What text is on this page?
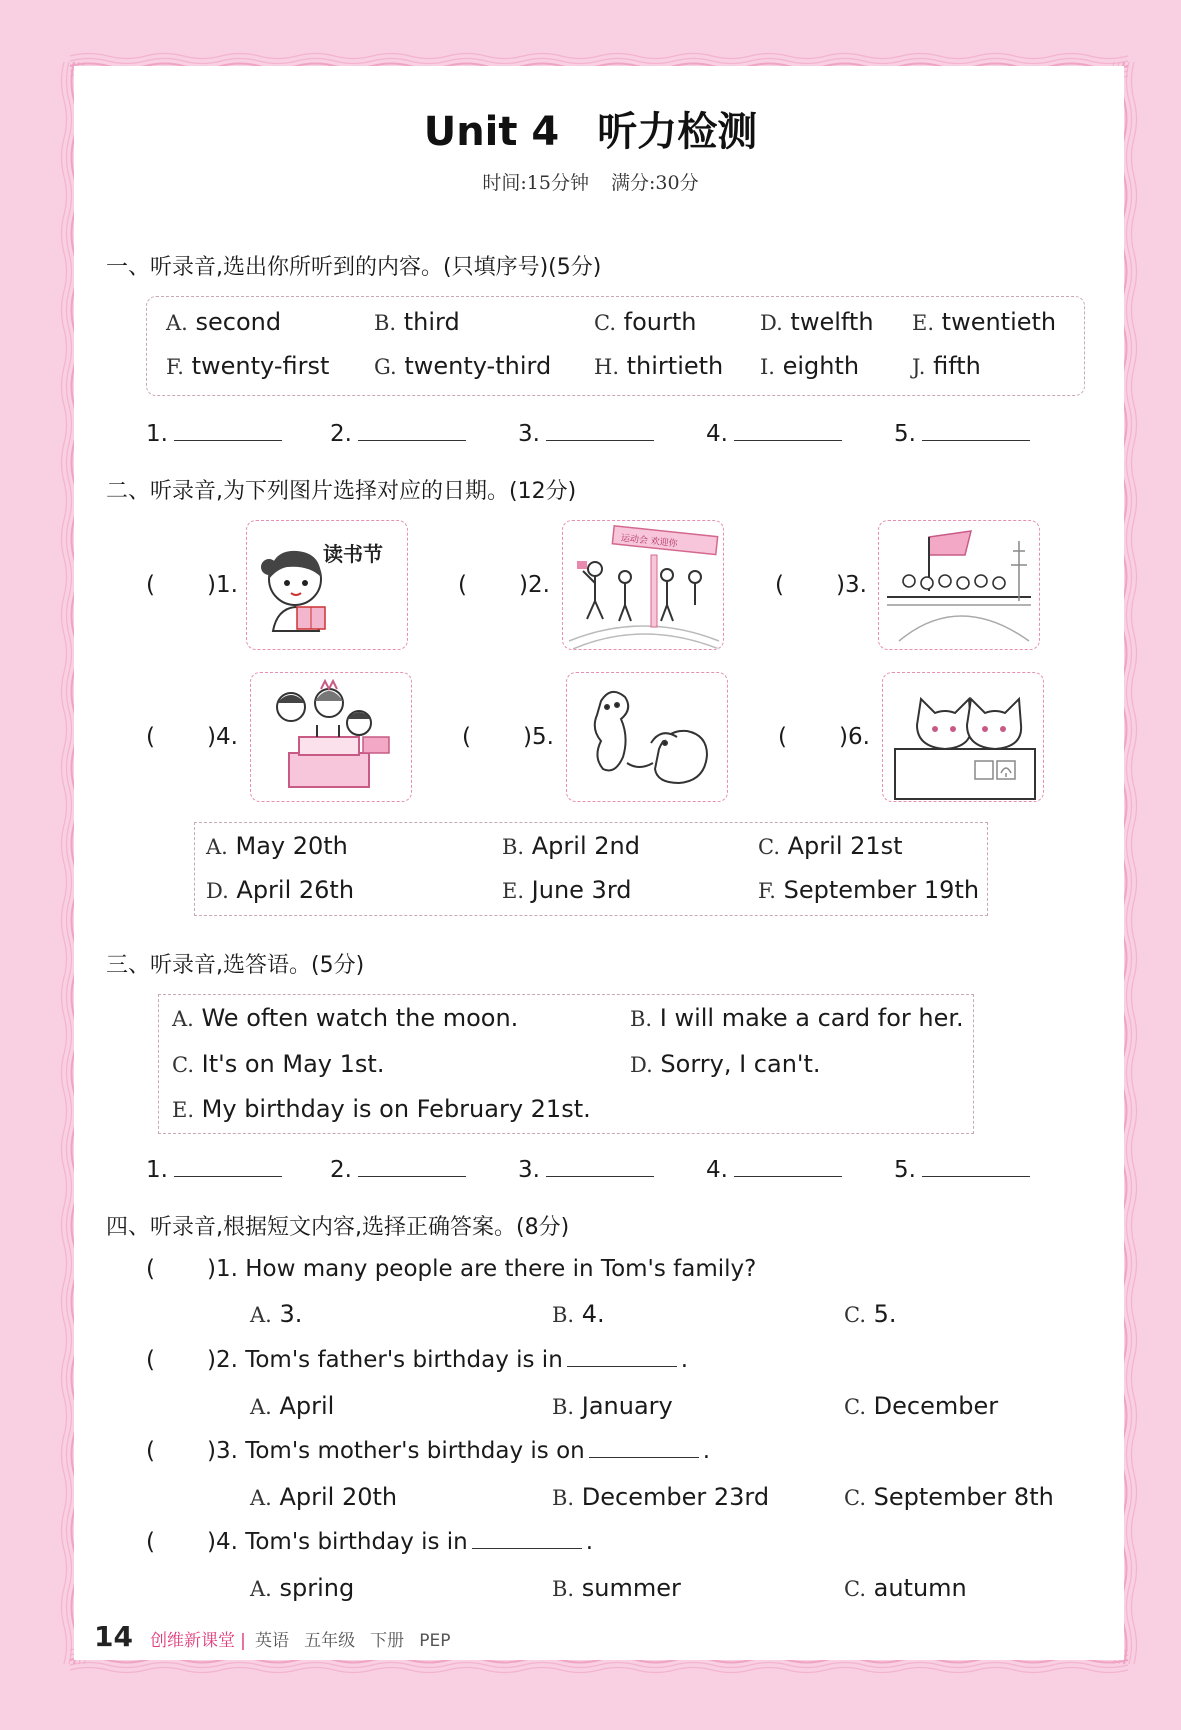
Unit 4 听力检测
时间:15分钟 满分:30分
一、听录音,选出你所听到的内容。(只填序号)(5分)
A. second	B. third	C. fourth	D. twelfth E. twentieth
F. twenty-first G. twenty-third H. thirtieth I. eighth	J. fifth
1.	2.	3.	4.	5.
二、听录音,为下列图片选择对应的日期。(12分)
( )1.	( )2.	( )3.
( )4.	( )5.	( )6.
读书节
运动会 欢迎你
A. May 20th	B. April 2nd	C. April 21st
D. April 26th	E. June 3rd	F. September 19th
三、听录音,选答语。(5分)
A. We often watch the moon.	B. I will make a card for her.
C. It's on May 1st.	D. Sorry, I can't.
E. My birthday is on February 21st.
1.	2.	3.	4.	5.
四、听录音,根据短文内容,选择正确答案。(8分)
( )1. How many people are there in Tom's family?
A. 3.	B. 4.	C. 5.
( )2. Tom's father's birthday is in	.
A. April	B. January	C. December
( )3. Tom's mother's birthday is on	.
A. April 20th	B. December 23rd	C. September 8th
( )4. Tom's birthday is in	.
A. spring	B. summer	C. autumn
14 创维新课堂 | 英语 五年级 下册 PEP
